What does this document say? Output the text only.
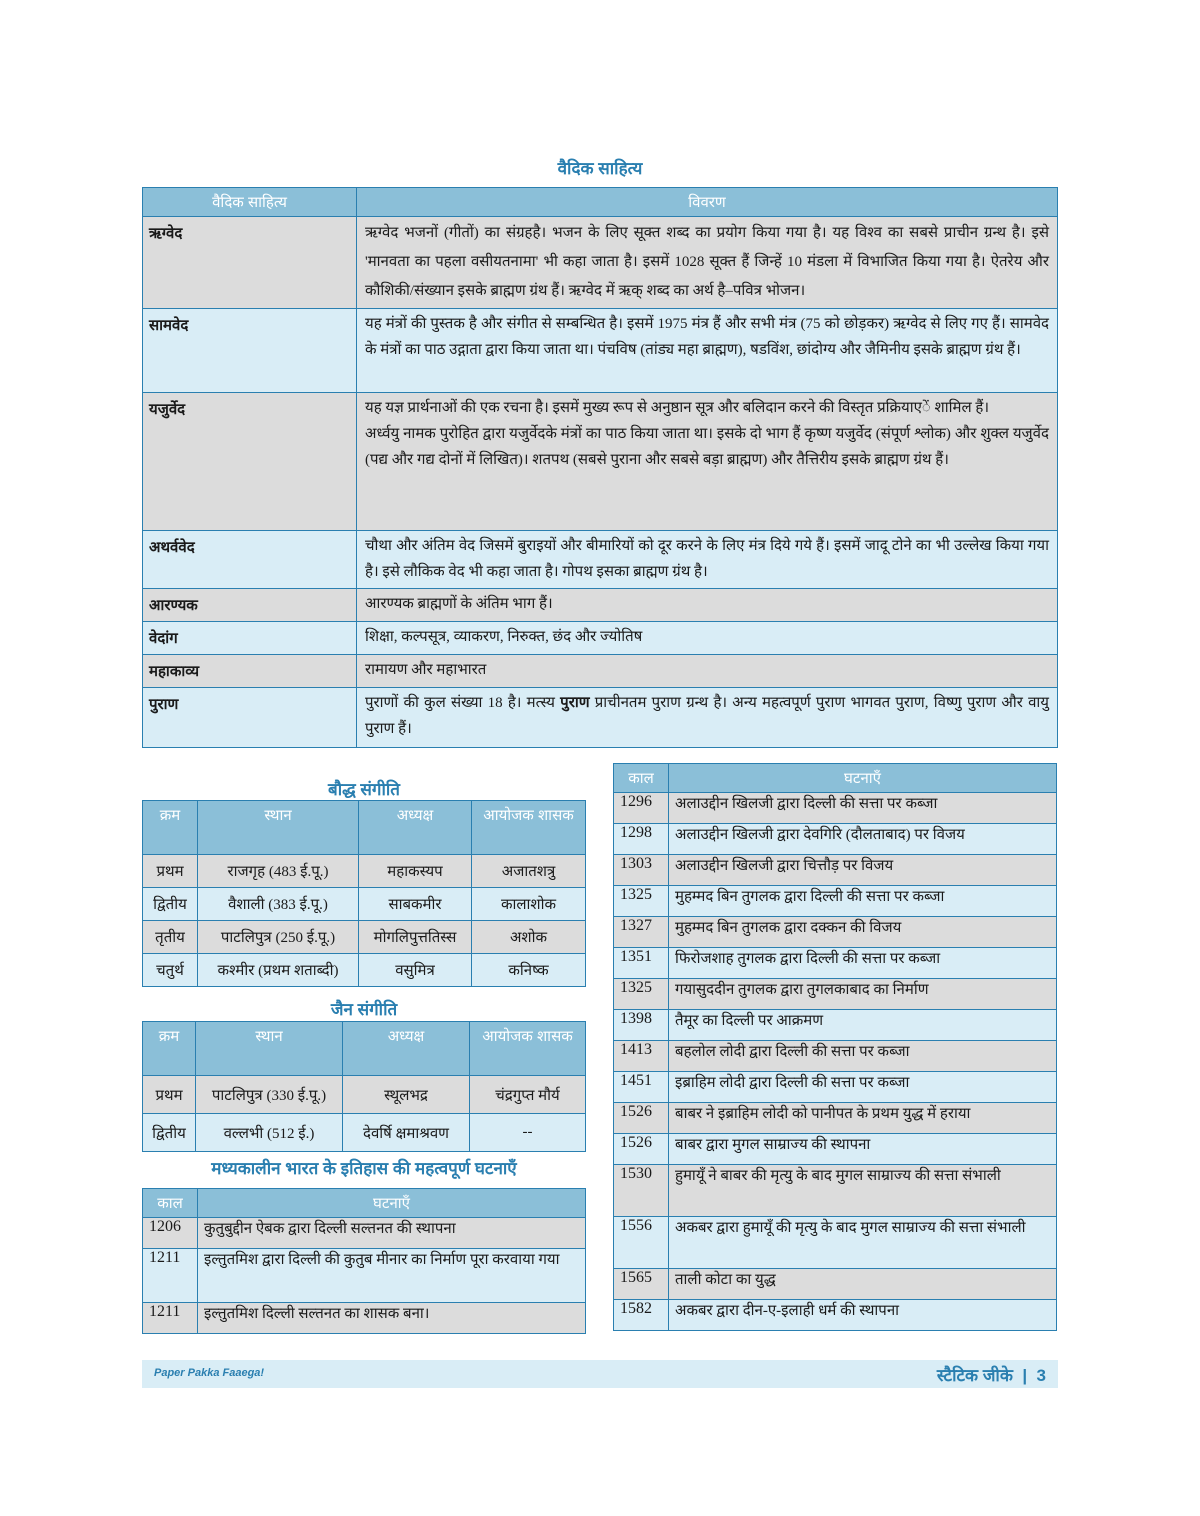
वैदिक साहित्य
वैदिक साहित्य	विवरण
ऋग्वेद	ऋग्वेद भजनों (गीतों) का संग्रहहै। भजन के लिए सूक्त शब्द का प्रयोग किया गया है। यह विश्व का सबसे प्राचीन ग्रन्थ है। इसे 'मानवता का पहला वसीयतनामा' भी कहा जाता है। इसमें 1028 सूक्त हैं जिन्हें 10 मंडला में विभाजित किया गया है। ऐतरेय और कौशिकी/संख्यान इसके ब्राह्मण ग्रंथ हैं। ऋग्वेद में ऋक् शब्द का अर्थ है–पवित्र भोजन।
सामवेद	यह मंत्रों की पुस्तक है और संगीत से सम्बन्धित है। इसमें 1975 मंत्र हैं और सभी मंत्र (75 को छोड़कर) ऋग्वेद से लिए गए हैं। सामवेद के मंत्रों का पाठ उद्गाता द्वारा किया जाता था। पंचविष (तांड्य महा ब्राह्मण), षडविंश, छांदोग्य और जैमिनीय इसके ब्राह्मण ग्रंथ हैं।
यजुर्वेद	यह यज्ञ प्रार्थनाओं की एक रचना है। इसमें मुख्य रूप से अनुष्ठान सूत्र और बलिदान करने की विस्तृत प्रक्रियाएें शामिल हैं।
अर्ध्वयु नामक पुरोहित द्वारा यजुर्वेदके मंत्रों का पाठ किया जाता था। इसके दो भाग हैं कृष्ण यजुर्वेद (संपूर्ण श्लोक) और शुक्ल यजुर्वेद (पद्य और गद्य दोनों में लिखित)। शतपथ (सबसे पुराना और सबसे बड़ा ब्राह्मण) और तैत्तिरीय इसके ब्राह्मण ग्रंथ हैं।

अथर्ववेद	चौथा और अंतिम वेद जिसमें बुराइयों और बीमारियों को दूर करने के लिए मंत्र दिये गये हैं। इसमें जादू टोने का भी उल्लेख किया गया है। इसे लौकिक वेद भी कहा जाता है। गोपथ इसका ब्राह्मण ग्रंथ है।
आरण्यक	आरण्यक ब्राह्मणों के अंतिम भाग हैं।
वेदांग	शिक्षा, कल्पसूत्र, व्याकरण, निरुक्त, छंद और ज्योतिष
महाकाव्य	रामायण और महाभारत
पुराण	पुराणों की कुल संख्या 18 है। मत्स्य पुराण प्राचीनतम पुराण ग्रन्थ है। अन्य महत्वपूर्ण पुराण भागवत पुराण, विष्णु पुराण और वायु पुराण हैं।
बौद्ध संगीति
क्रम	स्थान	अध्यक्ष	आयोजक शासक
प्रथम	राजगृह (483 ई.पू.)	महाकस्यप	अजातशत्रु
द्वितीय	वैशाली (383 ई.पू.)	साबकमीर	कालाशोक
तृतीय	पाटलिपुत्र (250 ई.पू.)	मोगलिपुत्ततिस्स	अशोक
चतुर्थ	कश्मीर (प्रथम शताब्दी)	वसुमित्र	कनिष्क
जैन संगीति
क्रम	स्थान	अध्यक्ष	आयोजक शासक
प्रथम	पाटलिपुत्र (330 ई.पू.)	स्थूलभद्र	चंद्रगुप्त मौर्य
द्वितीय	वल्लभी (512 ई.)	देवर्षि क्षमाश्रवण	--
मध्यकालीन भारत के इतिहास की महत्वपूर्ण घटनाएँ
काल	घटनाएँ
1206	कुतुबुद्दीन ऐबक द्वारा दिल्ली सल्तनत की स्थापना
1211	इल्तुतमिश द्वारा दिल्ली की कुतुब मीनार का निर्माण पूरा करवाया गया
1211	इल्तुतमिश दिल्ली सल्तनत का शासक बना।
काल	घटनाएँ
1296	अलाउद्दीन खिलजी द्वारा दिल्ली की सत्ता पर कब्जा
1298	अलाउद्दीन खिलजी द्वारा देवगिरि (दौलताबाद) पर विजय
1303	अलाउद्दीन खिलजी द्वारा चित्तौड़ पर विजय
1325	मुहम्मद बिन तुगलक द्वारा दिल्ली की सत्ता पर कब्जा
1327	मुहम्मद बिन तुगलक द्वारा दक्कन की विजय
1351	फिरोजशाह तुगलक द्वारा दिल्ली की सत्ता पर कब्जा
1325	गयासुददीन तुगलक द्वारा तुगलकाबाद का निर्माण
1398	तैमूर का दिल्ली पर आक्रमण
1413	बहलोल लोदी द्वारा दिल्ली की सत्ता पर कब्जा
1451	इब्राहिम लोदी द्वारा दिल्ली की सत्ता पर कब्जा
1526	बाबर ने इब्राहिम लोदी को पानीपत के प्रथम युद्ध में हराया
1526	बाबर द्वारा मुगल साम्राज्य की स्थापना
1530	हुमायूँ ने बाबर की मृत्यु के बाद मुगल साम्राज्य की सत्ता संभाली
1556	अकबर द्वारा हुमायूँ की मृत्यु के बाद मुगल साम्राज्य की सत्ता संभाली
1565	ताली कोटा का युद्ध
1582	अकबर द्वारा दीन-ए-इलाही धर्म की स्थापना
Paper Pakka Faaega!	स्टैटिक जीके  |  3
